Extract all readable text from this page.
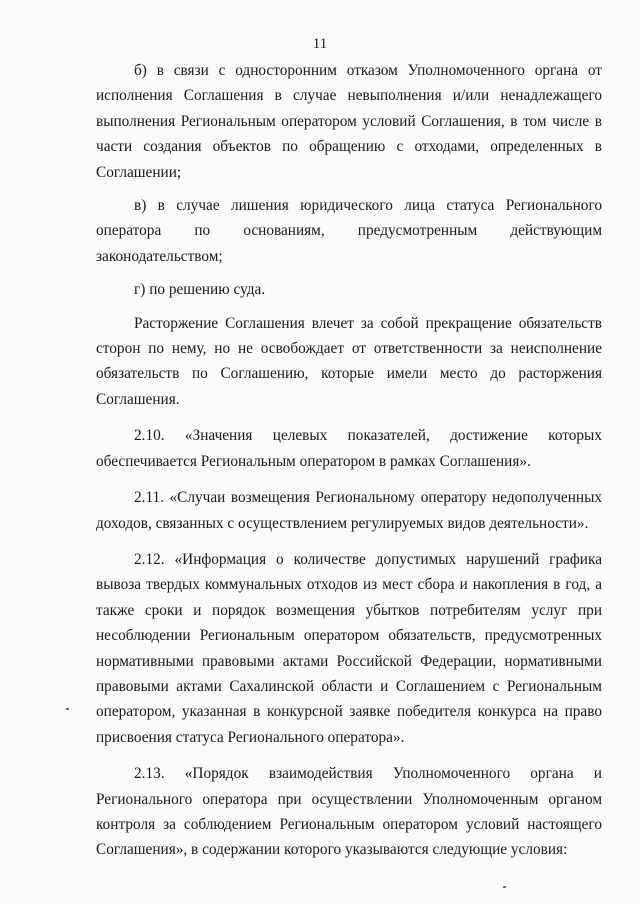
11

б) в связи с односторонним отказом Уполномоченного органа от исполнения Соглашения в случае невыполнения и/или ненадлежащего выполнения Региональным оператором условий Соглашения, в том числе в части создания объектов по обращению с отходами, определенных в Соглашении;

в) в случае лишения юридического лица статуса Регионального оператора по основаниям, предусмотренным действующим законодательством;

г) по решению суда.

Расторжение Соглашения влечет за собой прекращение обязательств сторон по нему, но не освобождает от ответственности за неисполнение обязательств по Соглашению, которые имели место до расторжения Соглашения.

2.10. «Значения целевых показателей, достижение которых обеспечивается Региональным оператором в рамках Соглашения».

2.11. «Случаи возмещения Региональному оператору недополученных доходов, связанных с осуществлением регулируемых видов деятельности».

2.12. «Информация о количестве допустимых нарушений графика вывоза твердых коммунальных отходов из мест сбора и накопления в год, а также сроки и порядок возмещения убытков потребителям услуг при несоблюдении Региональным оператором обязательств, предусмотренных нормативными правовыми актами Российской Федерации, нормативными правовыми актами Сахалинской области и Соглашением с Региональным оператором, указанная в конкурсной заявке победителя конкурса на право присвоения статуса Регионального оператора».

2.13. «Порядок взаимодействия Уполномоченного органа и Регионального оператора при осуществлении Уполномоченным органом контроля за соблюдением Региональным оператором условий настоящего Соглашения», в содержании которого указываются следующие условия:
